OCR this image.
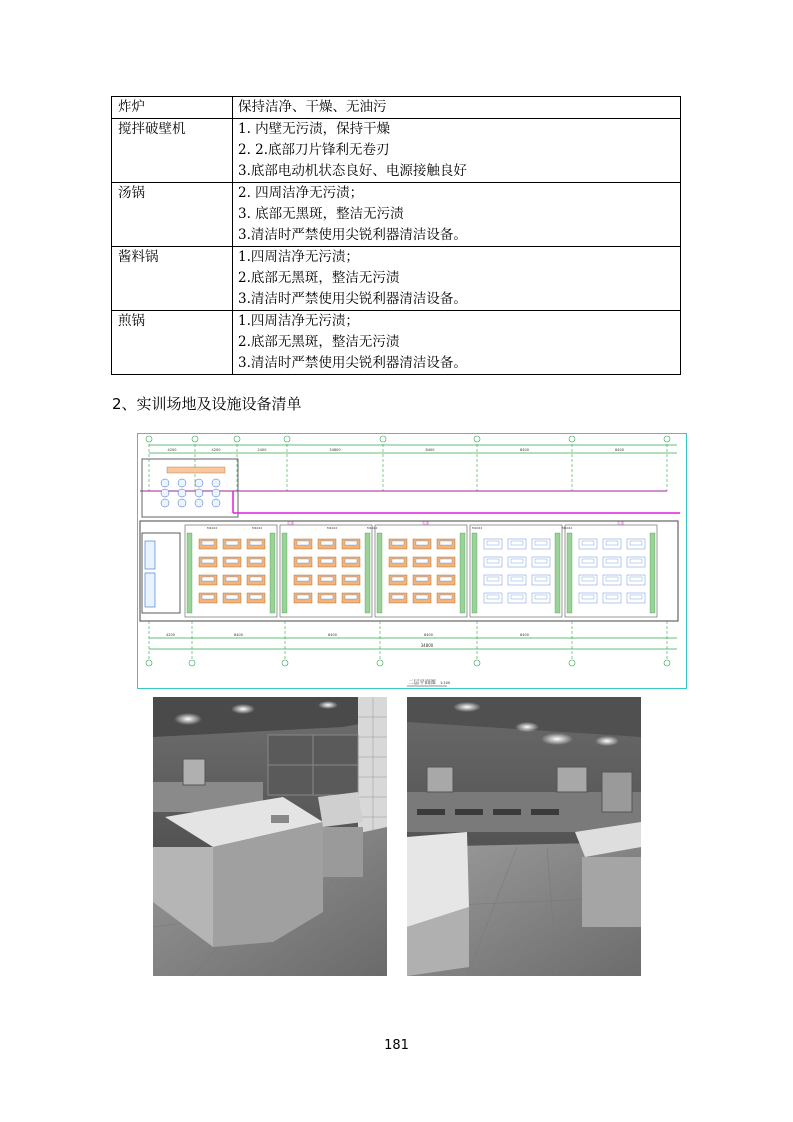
炸炉	保持洁净、干燥、无油污

搅拌破壁机	1. 内壁无污渍，保持干燥
2. 2.底部刀片锋利无卷刃
3.底部电动机状态良好、电源接触良好

汤锅	2. 四周洁净无污渍；
3. 底部无黑斑，整洁无污渍
3.清洁时严禁使用尖锐利器清洁设备。

酱料锅	1.四周洁净无污渍；
2.底部无黑斑，整洁无污渍
3.清洁时严禁使用尖锐利器清洁设备。

煎锅	1.四周洁净无污渍；
2.底部无黑斑，整洁无污渍
3.清洁时严禁使用尖锐利器清洁设备。
2、实训场地及设施设备清单
4200	4200	2400	34800	8400	8400	8400
M1022	M1022	M1022	M1022	M1022	M1022
走道	走道	走道
4200	8400	8400	8400	8400
34800
二层平面图 1:100
181
